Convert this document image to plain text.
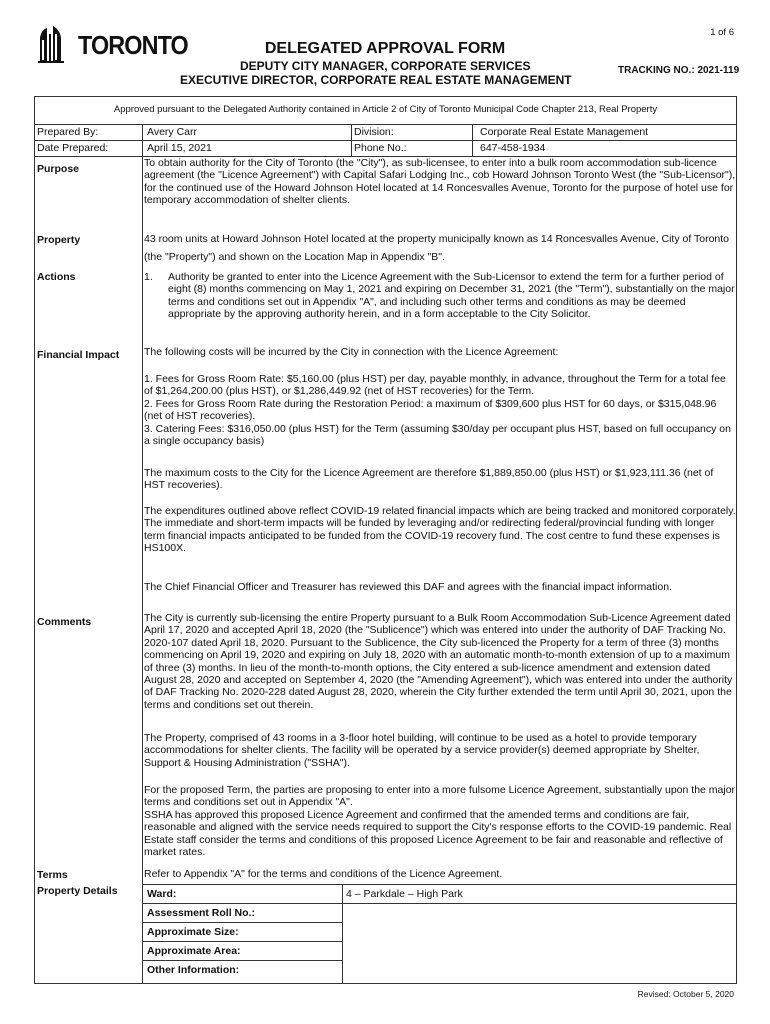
TORONTO	1 of 6
DELEGATED APPROVAL FORM
DEPUTY CITY MANAGER, CORPORATE SERVICES
EXECUTIVE DIRECTOR, CORPORATE REAL ESTATE MANAGEMENT
TRACKING NO.: 2021-119
Approved pursuant to the Delegated Authority contained in Article 2 of City of Toronto Municipal Code Chapter 213, Real Property
Prepared By:	Avery Carr	Division:	Corporate Real Estate Management
Date Prepared:	April 15, 2021	Phone No.:	647-458-1934
Purpose	To obtain authority for the City of Toronto (the "City"), as sub-licensee, to enter into a bulk room accommodation sub-licence agreement (the "Licence Agreement") with Capital Safari Lodging Inc., cob Howard Johnson Toronto West (the "Sub-Licensor"), for the continued use of the Howard Johnson Hotel located at 14 Roncesvalles Avenue, Toronto for the purpose of hotel use for temporary accommodation of shelter clients.

Property	43 room units at Howard Johnson Hotel located at the property municipally known as 14 Roncesvalles Avenue, City of Toronto (the "Property") and shown on the Location Map in Appendix "B".

Actions	1.	Authority be granted to enter into the Licence Agreement with the Sub-Licensor to extend the term for a further period of eight (8) months commencing on May 1, 2021 and expiring on December 31, 2021 (the "Term"), substantially on the major terms and conditions set out in Appendix "A", and including such other terms and conditions as may be deemed appropriate by the approving authority herein, and in a form acceptable to the City Solicitor.
Financial Impact The following costs will be incurred by the City in connection with the Licence Agreement:

1. Fees for Gross Room Rate: $5,160.00 (plus HST) per day, payable monthly, in advance, throughout the Term for a total fee of $1,264,200.00 (plus HST), or $1,286,449.92 (net of HST recoveries) for the Term.

2. Fees for Gross Room Rate during the Restoration Period: a maximum of $309,600 plus HST for 60 days, or $315,048.96 (net of HST recoveries).

3. Catering Fees: $316,050.00 (plus HST) for the Term (assuming $30/day per occupant plus HST, based on full occupancy on a single occupancy basis)

The maximum costs to the City for the Licence Agreement are therefore $1,889,850.00 (plus HST) or $1,923,111.36 (net of HST recoveries).

The expenditures outlined above reflect COVID-19 related financial impacts which are being tracked and monitored corporately. The immediate and short-term impacts will be funded by leveraging and/or redirecting federal/provincial funding with longer term financial impacts anticipated to be funded from the COVID-19 recovery fund. The cost centre to fund these expenses is HS100X.

The Chief Financial Officer and Treasurer has reviewed this DAF and agrees with the financial impact information.

Comments	The City is currently sub-licensing the entire Property pursuant to a Bulk Room Accommodation Sub-Licence Agreement dated April 17, 2020 and accepted April 18, 2020 (the "Sublicence") which was entered into under the authority of DAF Tracking No. 2020-107 dated April 18, 2020. Pursuant to the Sublicence, the City sub-licenced the Property for a term of three (3) months commencing on April 19, 2020 and expiring on July 18, 2020 with an automatic month-to-month extension of up to a maximum of three (3) months. In lieu of the month-to-month options, the City entered a sub-licence amendment and extension dated August 28, 2020 and accepted on September 4, 2020 (the "Amending Agreement"), which was entered into under the authority of DAF Tracking No. 2020-228 dated August 28, 2020, wherein the City further extended the term until April 30, 2021, upon the terms and conditions set out therein.

The Property, comprised of 43 rooms in a 3-floor hotel building, will continue to be used as a hotel to provide temporary accommodations for shelter clients. The facility will be operated by a service provider(s) deemed appropriate by Shelter, Support & Housing Administration ("SSHA").

For the proposed Term, the parties are proposing to enter into a more fulsome Licence Agreement, substantially upon the major terms and conditions set out in Appendix "A".

SSHA has approved this proposed Licence Agreement and confirmed that the amended terms and conditions are fair, reasonable and aligned with the service needs required to support the City's response efforts to the COVID-19 pandemic. Real Estate staff consider the terms and conditions of this proposed Licence Agreement to be fair and reasonable and reflective of market rates.

Terms	Refer to Appendix "A" for the terms and conditions of the Licence Agreement.

Property Details	Ward:	4 – Parkdale – High Park
Assessment Roll No.:
Approximate Size:
Approximate Area:
Other Information:
Revised: October 5, 2020
